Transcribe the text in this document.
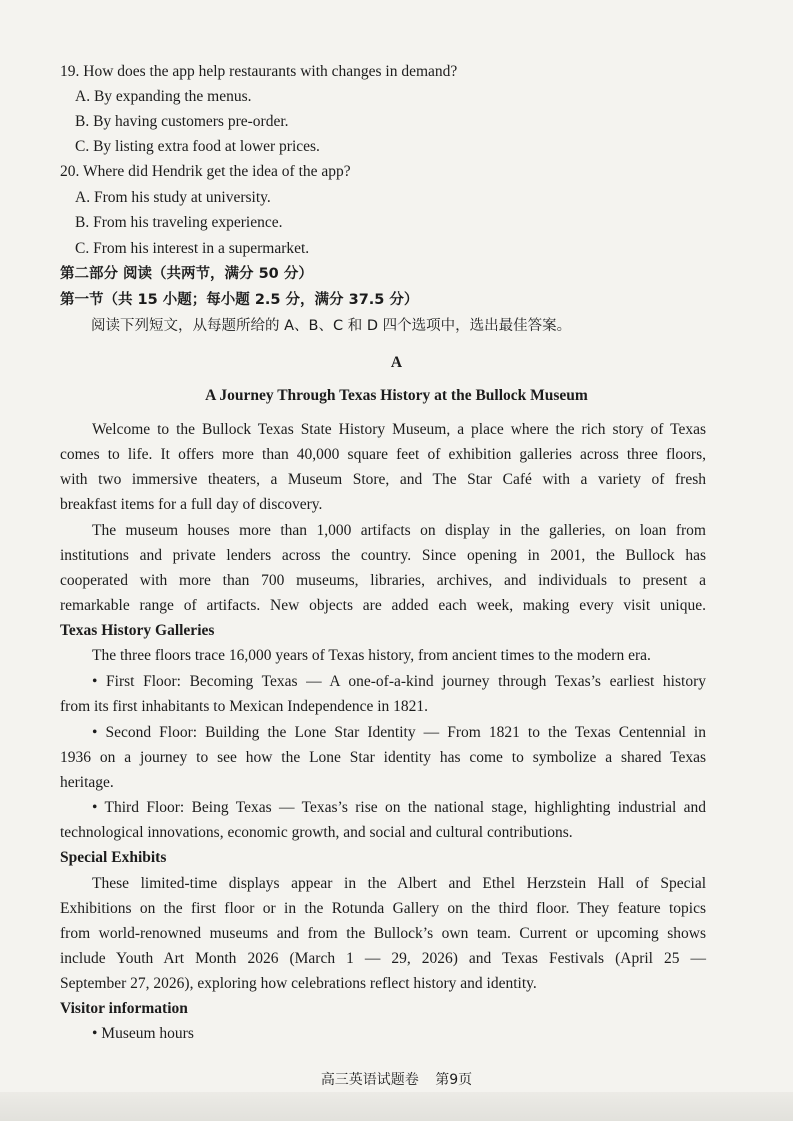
19. How does the app help restaurants with changes in demand?
A. By expanding the menus.
B. By having customers pre-order.
C. By listing extra food at lower prices.
20. Where did Hendrik get the idea of the app?
A. From his study at university.
B. From his traveling experience.
C. From his interest in a supermarket.
第二部分 阅读（共两节，满分 50 分）
第一节（共 15 小题；每小题 2.5 分，满分 37.5 分）
阅读下列短文，从每题所给的 A、B、C 和 D 四个选项中，选出最佳答案。
A
A Journey Through Texas History at the Bullock Museum
Welcome to the Bullock Texas State History Museum, a place where the rich story of Texas
comes to life. It offers more than 40,000 square feet of exhibition galleries across three floors,
with two immersive theaters, a Museum Store, and The Star Café with a variety of fresh
breakfast items for a full day of discovery.
The museum houses more than 1,000 artifacts on display in the galleries, on loan from
institutions and private lenders across the country. Since opening in 2001, the Bullock has
cooperated with more than 700 museums, libraries, archives, and individuals to present a
remarkable range of artifacts. New objects are added each week, making every visit unique.
Texas History Galleries
The three floors trace 16,000 years of Texas history, from ancient times to the modern era.
• First Floor: Becoming Texas — A one-of-a-kind journey through Texas’s earliest history
from its first inhabitants to Mexican Independence in 1821.
• Second Floor: Building the Lone Star Identity — From 1821 to the Texas Centennial in
1936 on a journey to see how the Lone Star identity has come to symbolize a shared Texas
heritage.
• Third Floor: Being Texas — Texas’s rise on the national stage, highlighting industrial and
technological innovations, economic growth, and social and cultural contributions.
Special Exhibits
These limited-time displays appear in the Albert and Ethel Herzstein Hall of Special
Exhibitions on the first floor or in the Rotunda Gallery on the third floor. They feature topics
from world-renowned museums and from the Bullock’s own team. Current or upcoming shows
include Youth Art Month 2026 (March 1 — 29, 2026) and Texas Festivals (April 25 —
September 27, 2026), exploring how celebrations reflect history and identity.
Visitor information
• Museum hours
高三英语试题卷 第9页
